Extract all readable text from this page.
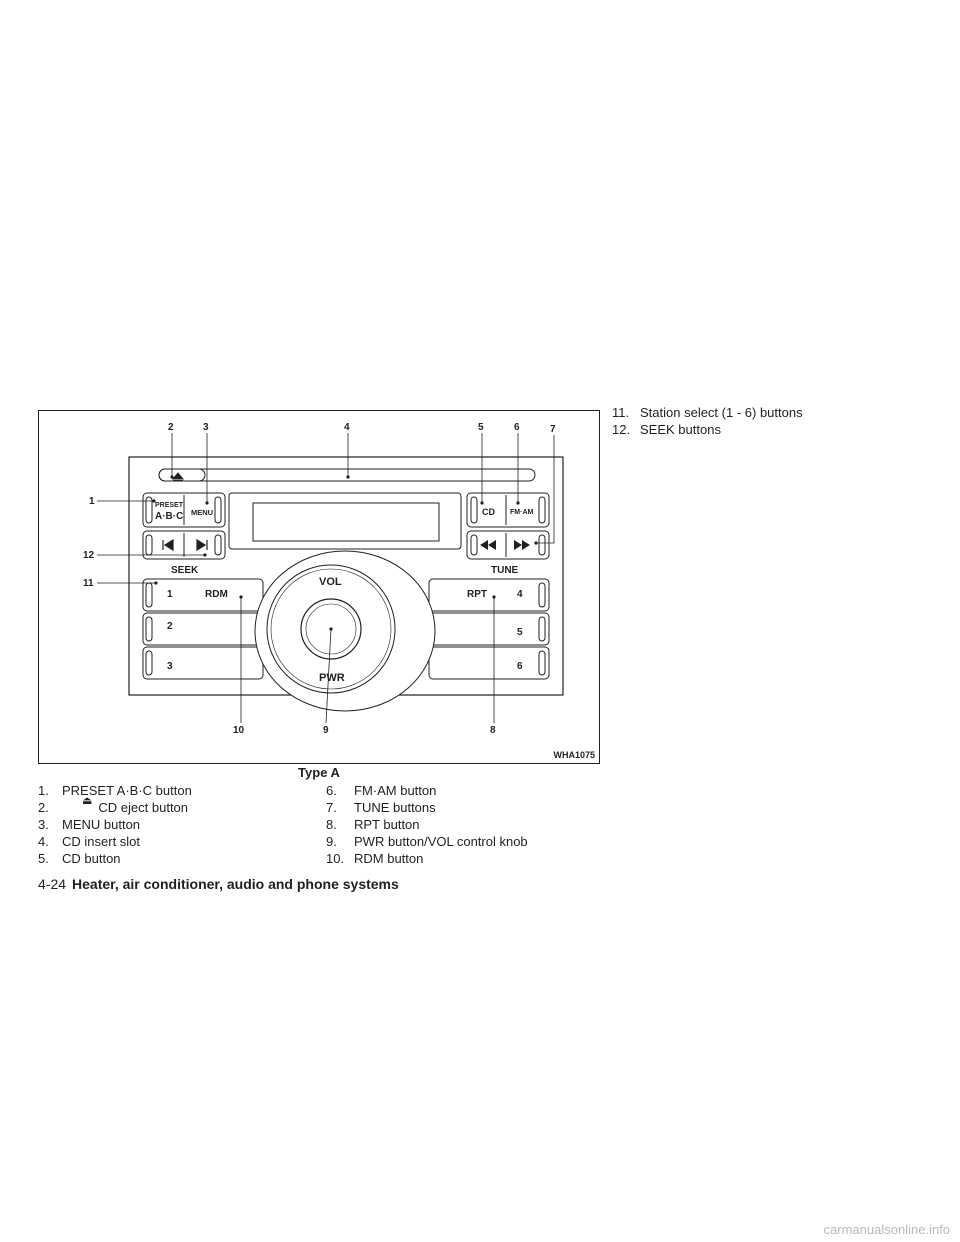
PRESET
A·B·C MENU	CD FM·AM
SEEK	TUNE
1
2
3
4
5
6
RDM	RPT
VOL
PWR
1
2	3	4	5	6	7
8
9
10
11
12
WHA1075
Type A
1.	PRESET A·B·C button
2.	⏏ CD eject button
3.	MENU button
4.	CD insert slot
5.	CD button
6.	FM·AM button
7.	TUNE buttons
8.	RPT button
9.	PWR button/VOL control knob
10. RDM button
11. Station select (1 - 6) buttons
12. SEEK buttons
4-24 Heater, air conditioner, audio and phone systems
carmanualsonline.info
